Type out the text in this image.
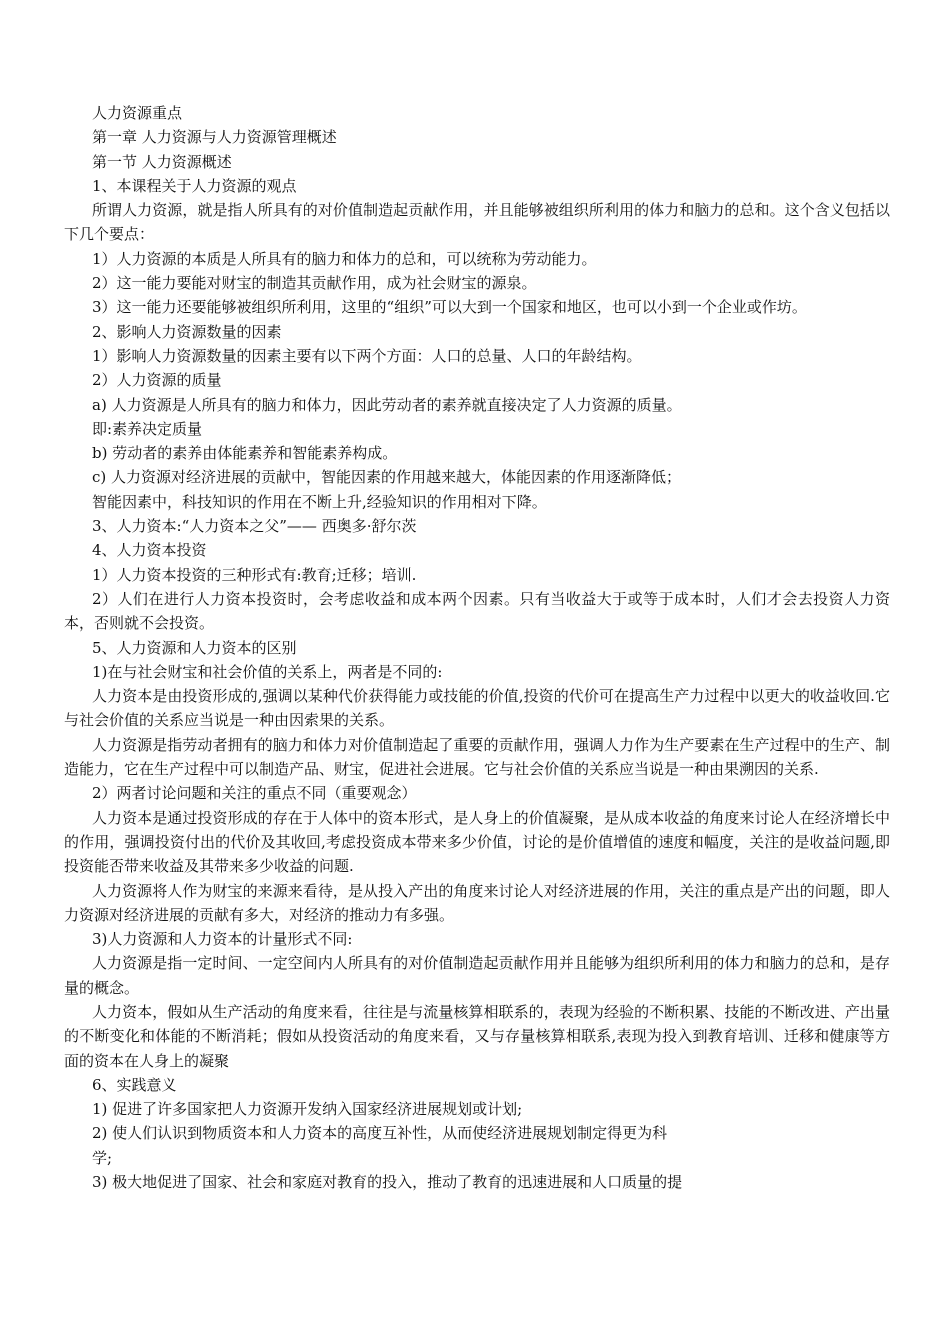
人力资源重点

第一章 人力资源与人力资源管理概述

第一节 人力资源概述

1、本课程关于人力资源的观点

所谓人力资源，就是指人所具有的对价值制造起贡献作用，并且能够被组织所利用的体力和脑力的总和。这个含义包括以下几个要点：

1）人力资源的本质是人所具有的脑力和体力的总和，可以统称为劳动能力。

2）这一能力要能对财宝的制造其贡献作用，成为社会财宝的源泉。

3）这一能力还要能够被组织所利用，这里的“组织”可以大到一个国家和地区，也可以小到一个企业或作坊。

2、影响人力资源数量的因素

1）影响人力资源数量的因素主要有以下两个方面：人口的总量、人口的年龄结构。

2）人力资源的质量

a) 人力资源是人所具有的脑力和体力，因此劳动者的素养就直接决定了人力资源的质量。

即:素养决定质量

b) 劳动者的素养由体能素养和智能素养构成。

c) 人力资源对经济进展的贡献中，智能因素的作用越来越大，体能因素的作用逐渐降低；

智能因素中，科技知识的作用在不断上升,经验知识的作用相对下降。

3、人力资本:“人力资本之父”—— 西奥多·舒尔茨

4、人力资本投资

1）人力资本投资的三种形式有:教育;迁移；培训.

2）人们在进行人力资本投资时，会考虑收益和成本两个因素。只有当收益大于或等于成本时，人们才会去投资人力资本，否则就不会投资。

5、人力资源和人力资本的区别

1)在与社会财宝和社会价值的关系上，两者是不同的:

人力资本是由投资形成的,强调以某种代价获得能力或技能的价值,投资的代价可在提高生产力过程中以更大的收益收回.它与社会价值的关系应当说是一种由因索果的关系。

人力资源是指劳动者拥有的脑力和体力对价值制造起了重要的贡献作用，强调人力作为生产要素在生产过程中的生产、制造能力，它在生产过程中可以制造产品、财宝，促进社会进展。它与社会价值的关系应当说是一种由果溯因的关系.

2）两者讨论问题和关注的重点不同（重要观念）

人力资本是通过投资形成的存在于人体中的资本形式，是人身上的价值凝聚，是从成本收益的角度来讨论人在经济增长中的作用，强调投资付出的代价及其收回,考虑投资成本带来多少价值，讨论的是价值增值的速度和幅度，关注的是收益问题,即投资能否带来收益及其带来多少收益的问题.

人力资源将人作为财宝的来源来看待，是从投入产出的角度来讨论人对经济进展的作用，关注的重点是产出的问题，即人力资源对经济进展的贡献有多大，对经济的推动力有多强。

3)人力资源和人力资本的计量形式不同:

人力资源是指一定时间、一定空间内人所具有的对价值制造起贡献作用并且能够为组织所利用的体力和脑力的总和，是存量的概念。

人力资本，假如从生产活动的角度来看，往往是与流量核算相联系的，表现为经验的不断积累、技能的不断改进、产出量的不断变化和体能的不断消耗；假如从投资活动的角度来看，又与存量核算相联系,表现为投入到教育培训、迁移和健康等方面的资本在人身上的凝聚

6、实践意义

1) 促进了许多国家把人力资源开发纳入国家经济进展规划或计划;

2) 使人们认识到物质资本和人力资本的高度互补性，从而使经济进展规划制定得更为科

学;

3) 极大地促进了国家、社会和家庭对教育的投入，推动了教育的迅速进展和人口质量的提
